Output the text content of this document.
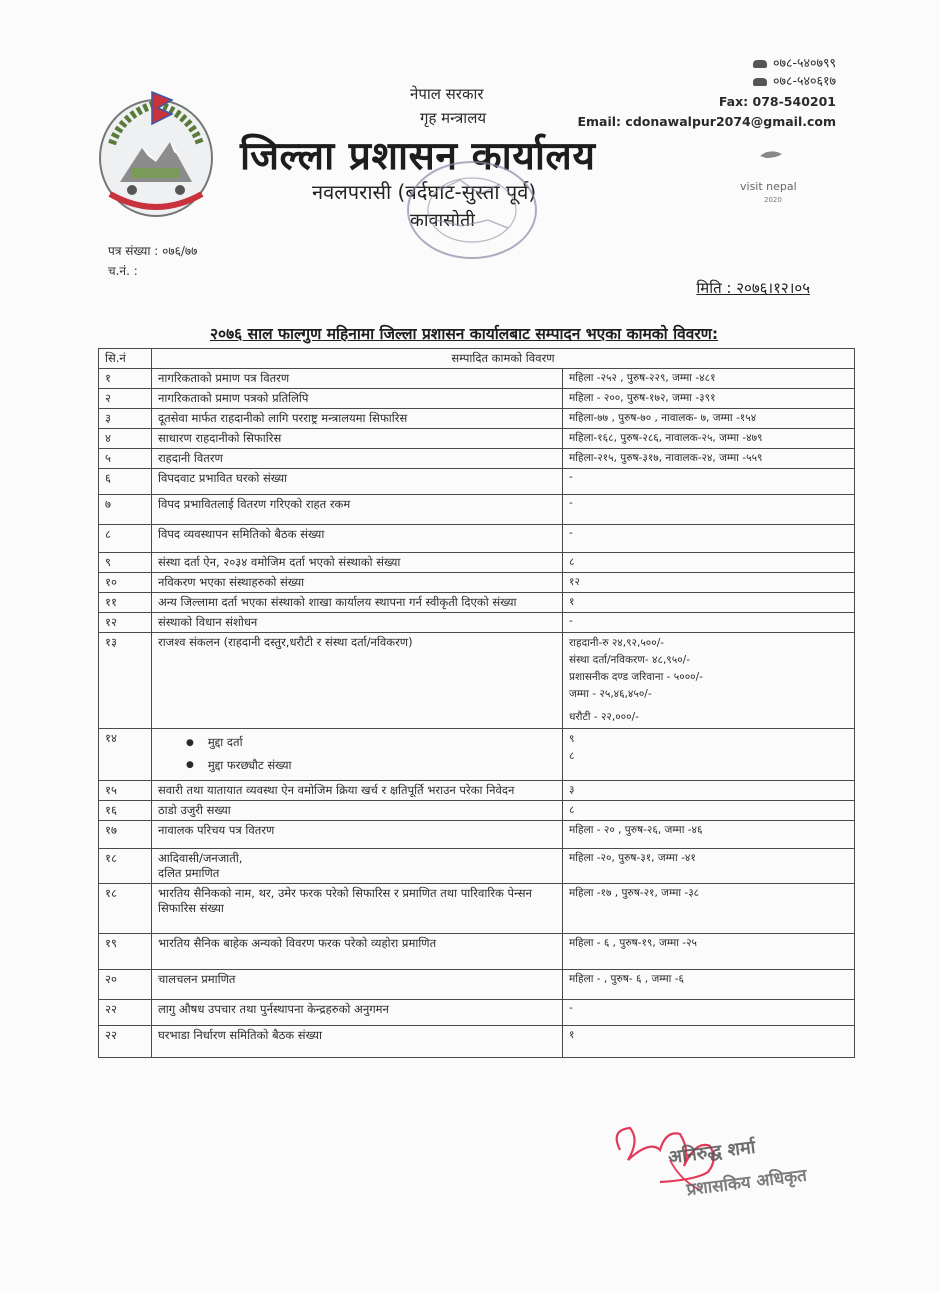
नेपाल सरकार
गृह मन्त्रालय
जिल्ला प्रशासन कार्यालय
नवलपरासी (बर्दघाट-सुस्ता पूर्व)
कावासोती
०७८-५४०७९९
०७८-५४०६१७
Fax: 078-540201
Email: cdonawalpur2074@gmail.com
visit nepal
2020
पत्र संख्या : ०७६/७७
च.नं. :
मिति : २०७६।१२।०५
२०७६ साल फाल्गुण महिनामा जिल्ला प्रशासन कार्यालबाट सम्पादन भएका कामको विवरण:
सि.नं	सम्पादित कामको विवरण	
१	नागरिकताको प्रमाण पत्र वितरण	महिला -२५२ , पुरुष-२२९, जम्मा -४८१
२	नागरिकताको प्रमाण पत्रको प्रतिलिपि	महिला - २००, पुरुष-१७२, जम्मा -३९१
३	दूतसेवा मार्फत राहदानीको लागि परराष्ट्र मन्त्रालयमा सिफारिस	महिला-७७ , पुरुष-७० , नावालक- ७, जम्मा -१५४
४	साधारण राहदानीको सिफारिस	महिला-१६८, पुरुष-२८६, नावालक-२५, जम्मा -४७९
५	राहदानी वितरण	महिला-२१५, पुरुष-३१७, नावालक-२४, जम्मा -५५९
६	विपदवाट प्रभावित घरको संख्या	-
७	विपद प्रभावितलाई वितरण गरिएको राहत रकम	-
८	विपद व्यवस्थापन समितिको बैठक संख्या	-
९	संस्था दर्ता ऐन, २०३४ वमोजिम दर्ता भएको संस्थाको संख्या	८
१०	नविकरण भएका संस्थाहरुको संख्या	१२
११	अन्य जिल्लामा दर्ता भएका संस्थाको शाखा कार्यालय स्थापना गर्न स्वीकृती दिएको संख्या	१
१२	संस्थाको विधान संशोधन	-
१३	राजश्व संकलन (राहदानी दस्तुर,धरौटी र संस्था दर्ता/नविकरण)	राहदानी-रु २४,९२,५००/-
संस्था दर्ता/नविकरण- ४८,९५०/-
प्रशासनीक दण्ड जरिवाना - ५०००/-
जम्मा - २५,४६,४५०/-
धरौटी - २२,०००/-

१४	● मुद्दा दर्ता
● मुद्दा फरछ्यौट संख्या	९
८

१५	सवारी तथा यातायात व्यवस्था ऐन वमोजिम क्रिया खर्च र क्षतिपूर्ति भराउन परेका निवेदन	३
१६	ठाडो उजुरी सख्या	८
१७	नावालक परिचय पत्र वितरण	महिला - २० , पुरुष-२६, जम्मा -४६
१८	आदिवासी/जनजाती,
दलित प्रमाणित	महिला -२०, पुरुष-३१, जम्मा -४१
१८	भारतिय सैनिकको नाम, थर, उमेर फरक परेको सिफारिस र प्रमाणित तथा पारिवारिक पेन्सन सिफारिस संख्या	महिला -१७ , पुरुष-२१, जम्मा -३८
१९	भारतिय सैनिक बाहेक अन्यको विवरण फरक परेको व्यहोरा प्रमाणित	महिला - ६ , पुरुष-१९, जम्मा -२५
२०	चालचलन प्रमाणित	महिला - , पुरुष- ६ , जम्मा -६
२२	लागु औषध उपचार तथा पुर्नस्थापना केन्द्रहरुको अनुगमन	-
२२	घरभाडा निर्धारण समितिको बैठक संख्या	१
अनिरुद्ध शर्मा
प्रशासकिय अधिकृत
